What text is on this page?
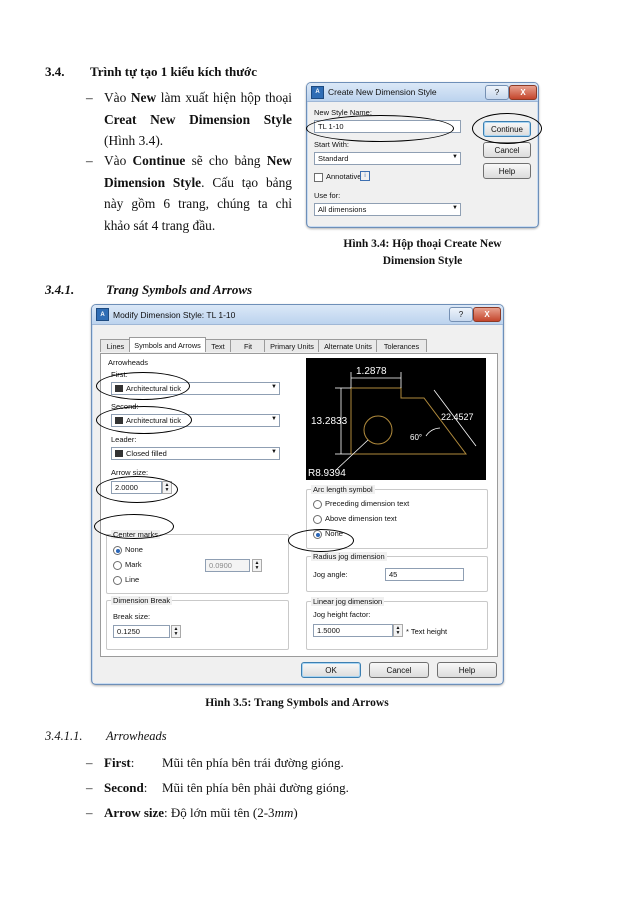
3.4. Trình tự tạo 1 kiểu kích thước
– Vào New làm xuất hiện hộp thoại Creat New Dimension Style (Hình 3.4).
– Vào Continue sẽ cho bảng New Dimension Style. Cấu tạo bảng này gồm 6 trang, chúng ta chỉ khảo sát 4 trang đầu.
A Create New Dimension Style	?	X
New Style Name:
TL 1-10
Start With:
Standard	▼
Annotative i
Use for:
All dimensions	▼
Continue
Cancel
Help
Hình 3.4: Hộp thoại Create New
Dimension Style
3.4.1. Trang Symbols and Arrows
A Modify Dimension Style: TL 1-10	?	X
Lines	Symbols and Arrows	Text	Fit	Primary Units	Alternate Units	Tolerances
Arrowheads
First:
Architectural tick	▼
Second:
Architectural tick	▼
Leader:
Closed filled	▼
Arrow size:
2.0000	▲
▼
Center marks
None
Mark
Line
0.0900	▲
▼
Dimension Break
Break size:
0.1250	▲
▼
1.2878
13.2833	22.4527
60°
R8.9394
Arc length symbol
Preceding dimension text
Above dimension text
None
Radius jog dimension
Jog angle:	45
Linear jog dimension
Jog height factor:
1.5000	▲
▼ * Text height
OK	Cancel	Help
Hình 3.5: Trang Symbols and Arrows
3.4.1.1. Arrowheads
– First: Mũi tên phía bên trái đường gióng.
– Second: Mũi tên phía bên phải đường gióng.
– Arrow size: Độ lớn mũi tên (2-3mm)
